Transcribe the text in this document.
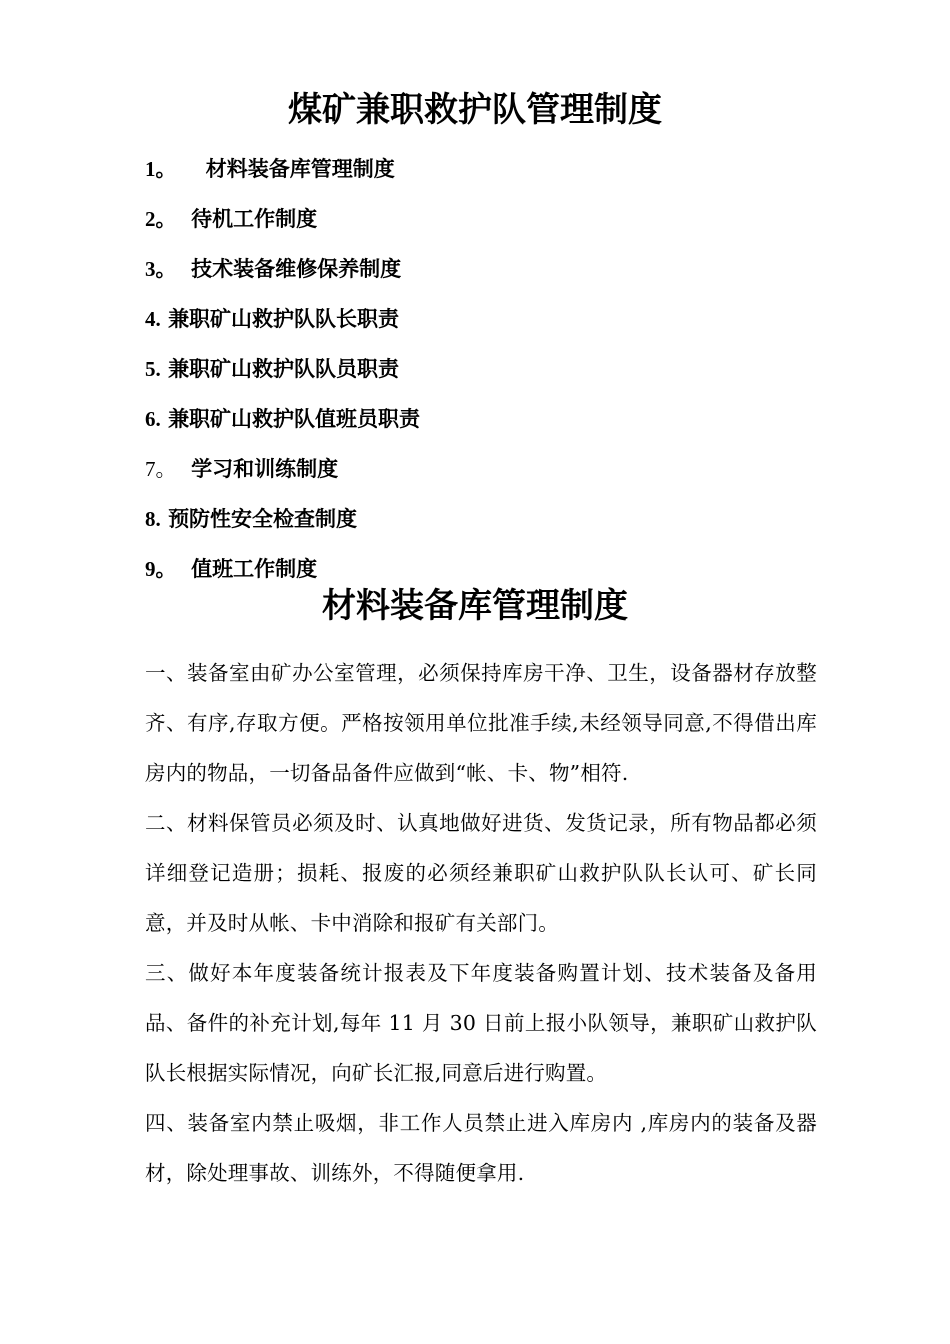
煤矿兼职救护队管理制度
1。 材料装备库管理制度
2。 待机工作制度
3。 技术装备维修保养制度
4. 兼职矿山救护队队长职责
5. 兼职矿山救护队队员职责
6. 兼职矿山救护队值班员职责
7。 学习和训练制度
8. 预防性安全检查制度
9。 值班工作制度
材料装备库管理制度

一、装备室由矿办公室管理，必须保持库房干净、卫生，设备器材存放整齐、有序,存取方便。严格按领用单位批准手续,未经领导同意,不得借出库房内的物品，一切备品备件应做到“帐、卡、物”相符.

二、材料保管员必须及时、认真地做好进货、发货记录，所有物品都必须详细登记造册；损耗、报废的必须经兼职矿山救护队队长认可、矿长同意，并及时从帐、卡中消除和报矿有关部门。

三、做好本年度装备统计报表及下年度装备购置计划、技术装备及备用品、备件的补充计划,每年 11 月 30 日前上报小队领导，兼职矿山救护队队长根据实际情况，向矿长汇报,同意后进行购置。

四、装备室内禁止吸烟，非工作人员禁止进入库房内 ,库房内的装备及器材，除处理事故、训练外，不得随便拿用.
